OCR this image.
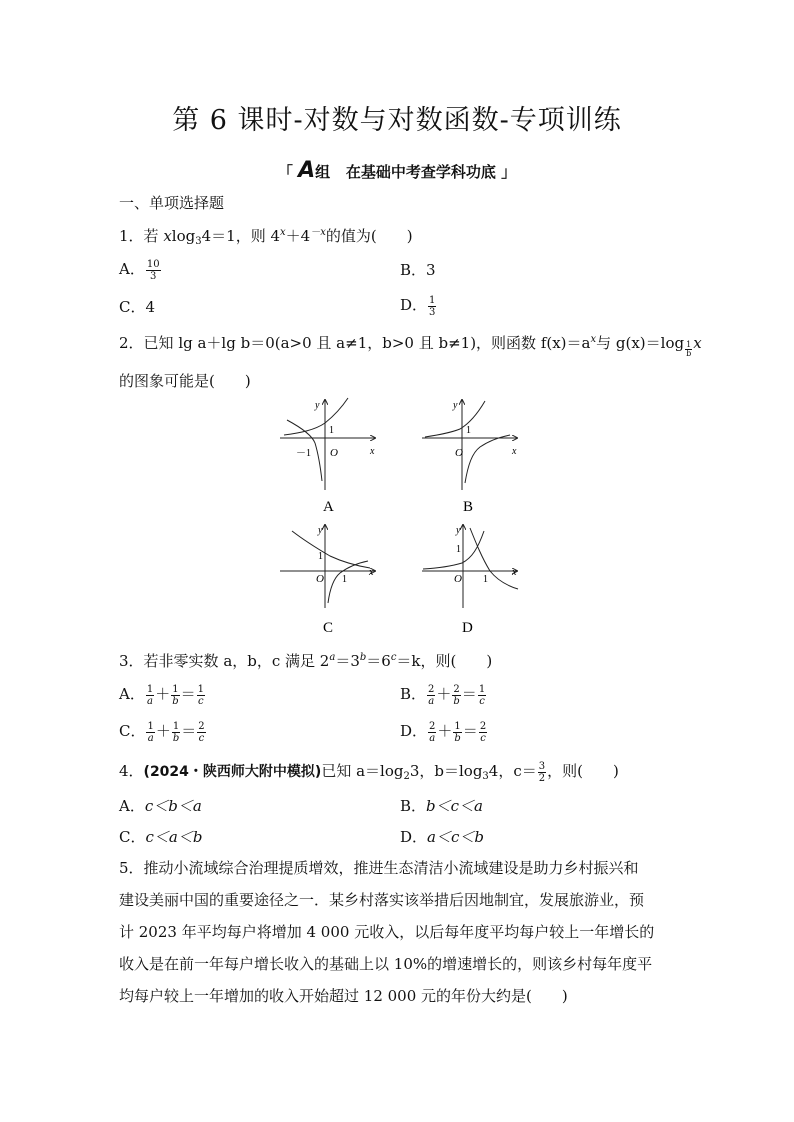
第 6 课时-对数与对数函数-专项训练
「 A组 在基础中考查学科功底 」
一、单项选择题
1．若 xlog$_3$4＝1，则 $4^x+4^{-x}$的值为(　　)
A． $\frac{10}{3}$	B．3
C．4	D． $\frac{1}{3}$
2．已知 lg a＋lg b＝0(a>0 且 a≠1，b>0 且 b≠1)，则函数 $f(x)=a^x$与 $g(x)=\log \frac{1}{b}$ x
的图象可能是(　　)
y
x
O
1
－1
A
y
x
O
1
B
y
x
O
1
1
C
y
x
O
1
1
D
3．若非零实数 a，b，c 满足 $2^a=3^b=6^c=k$，则(　　)
A． $\frac{1}{a}+ \frac{1}{b}= \frac{1}{c}$	B． $\frac{2}{a}+ \frac{2}{b}= \frac{1}{c}$
C． $\frac{1}{a}+ \frac{1}{b}= \frac{2}{c}$	D． $\frac{2}{a}+ \frac{1}{b}= \frac{2}{c}$
4．(2024・陕西师大附中模拟)已知 $a=\log_23$，$b=\log_34$，$c= \frac{3}{2}$ ，则(　　)
A．c＜b＜a	B．b＜c＜a
C．c＜a＜b	D．a＜c＜b
5．推动小流域综合治理提质增效，推进生态清洁小流域建设是助力乡村振兴和
建设美丽中国的重要途径之一．某乡村落实该举措后因地制宜，发展旅游业，预
计 2023 年平均每户将增加 4 000 元收入，以后每年度平均每户较上一年增长的
收入是在前一年每户增长收入的基础上以 10%的增速增长的，则该乡村每年度平
均每户较上一年增加的收入开始超过 12 000 元的年份大约是(　　)
